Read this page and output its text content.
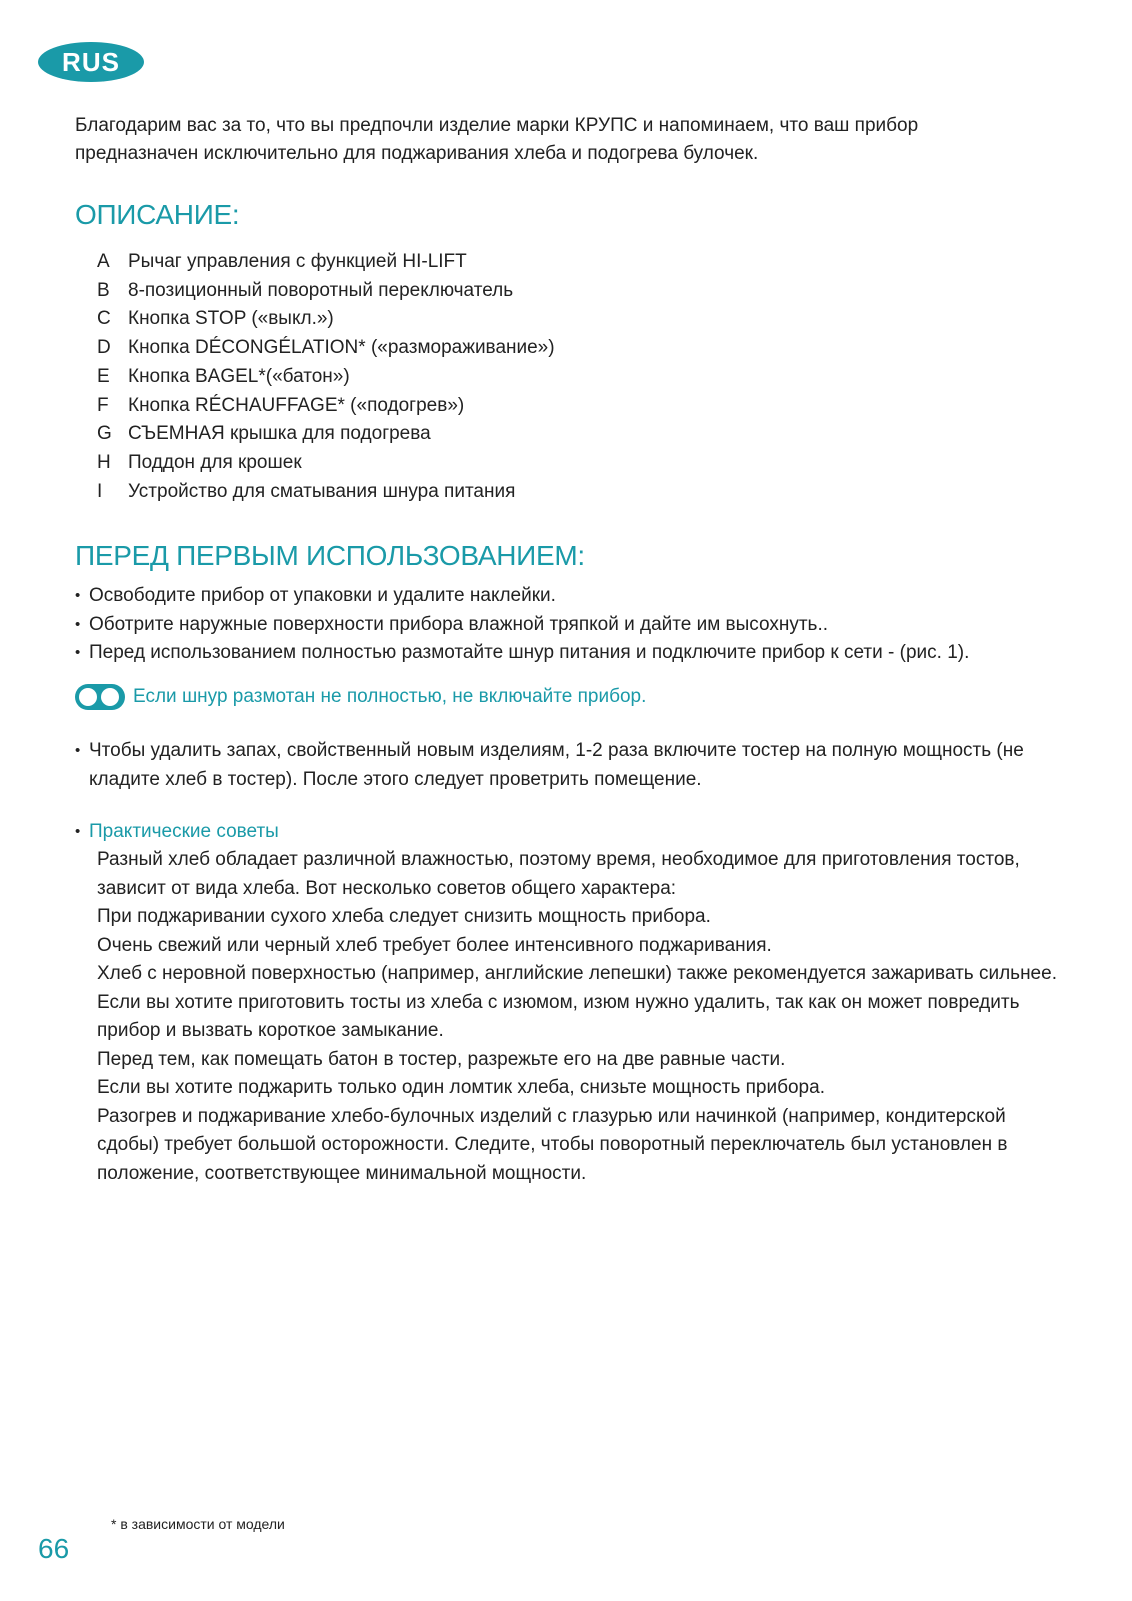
RUS

Благодарим вас за то, что вы предпочли изделие марки КРУПС и напоминаем, что ваш прибор

предназначен исключительно для поджаривания хлеба и подогрева булочек.

ОПИСАНИЕ:
A Рычаг управления с функцией HI-LIFT
B 8-позиционный поворотный переключатель
C Кнопка STOP («выкл.»)
D Кнопка DÉCONGÉLATION* («размораживание»)
E Кнопка BAGEL*(«батон»)
F	Кнопка RÉCHAUFFAGE* («подогрев»)
G СЪЕМНАЯ крышка для подогрева
H Поддон для крошек
I	Устройство для сматывания шнура питания
ПЕРЕД ПЕРВЫМ ИСПОЛЬЗОВАНИЕМ:
• Освободите прибор от упаковки и удалите наклейки.
• Оботрите наружные поверхности прибора влажной тряпкой и дайте им высохнуть..
• Перед использованием полностью размотайте шнур питания и подключите прибор к сети - (рис. 1).
Если шнур размотан не полностью, не включайте прибор.
• Чтобы удалить запах, свойственный новым изделиям, 1-2 раза включите тостер на полную мощность (не кладите хлеб в тостер). После этого следует проветрить помещение.
• Практические советы

Разный хлеб обладает различной влажностью, поэтому время, необходимое для приготовления тостов, зависит от вида хлеба. Вот несколько советов общего характера:

При поджаривании сухого хлеба следует снизить мощность прибора.

Очень свежий или черный хлеб требует более интенсивного поджаривания.

Хлеб с неровной поверхностью (например, английские лепешки) также рекомендуется зажаривать сильнее.

Если вы хотите приготовить тосты из хлеба с изюмом, изюм нужно удалить, так как он может повредить прибор и вызвать короткое замыкание.

Перед тем, как помещать батон в тостер, разрежьте его на две равные части.

Если вы хотите поджарить только один ломтик хлеба, снизьте мощность прибора.

Разогрев и поджаривание хлебо-булочных изделий с глазурью или начинкой (например, кондитерской сдобы) требует большой осторожности. Следите, чтобы поворотный переключатель был установлен в положение, соответствующее минимальной мощности.

* в зависимости от модели
66
